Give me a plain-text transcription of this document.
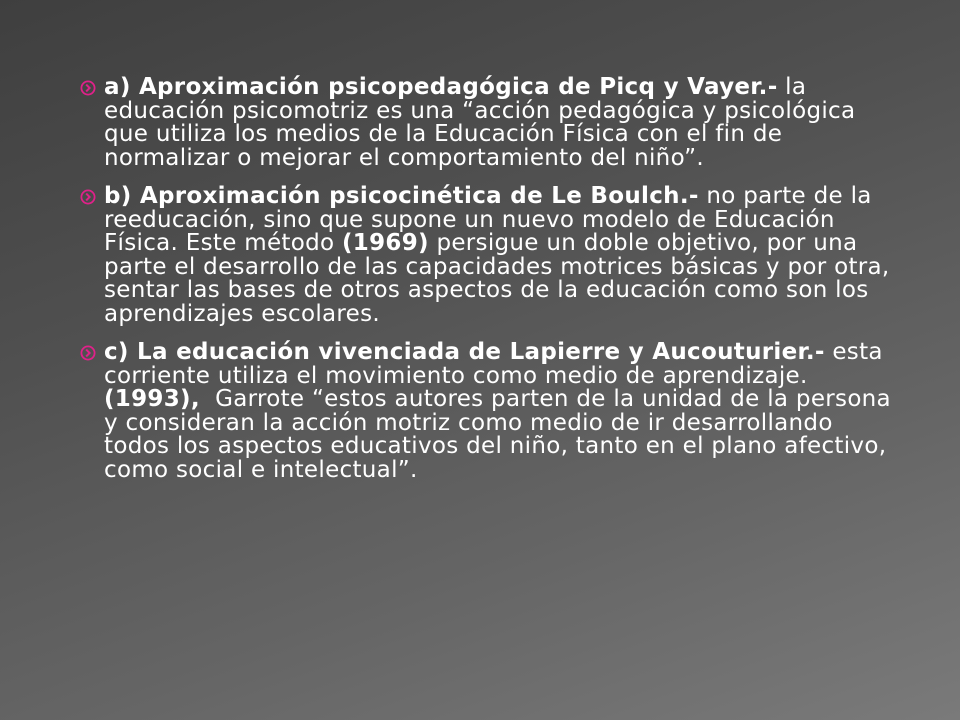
a) Aproximación psicopedagógica de Picq y Vayer.- la educación psicomotriz es una “acción pedagógica y psicológica que utiliza los medios de la Educación Física con el fin de normalizar o mejorar el comportamiento del niño”.
b) Aproximación psicocinética de Le Boulch.- no parte de la reeducación, sino que supone un nuevo modelo de Educación Física. Este método (1969) persigue un doble objetivo, por una parte el desarrollo de las capacidades motrices básicas y por otra, sentar las bases de otros aspectos de la educación como son los aprendizajes escolares.
c) La educación vivenciada de Lapierre y Aucouturier.- esta corriente utiliza el movimiento como medio de aprendizaje. (1993),  Garrote “estos autores parten de la unidad de la persona y consideran la acción motriz como medio de ir desarrollando todos los aspectos educativos del niño, tanto en el plano afectivo, como social e intelectual”.
